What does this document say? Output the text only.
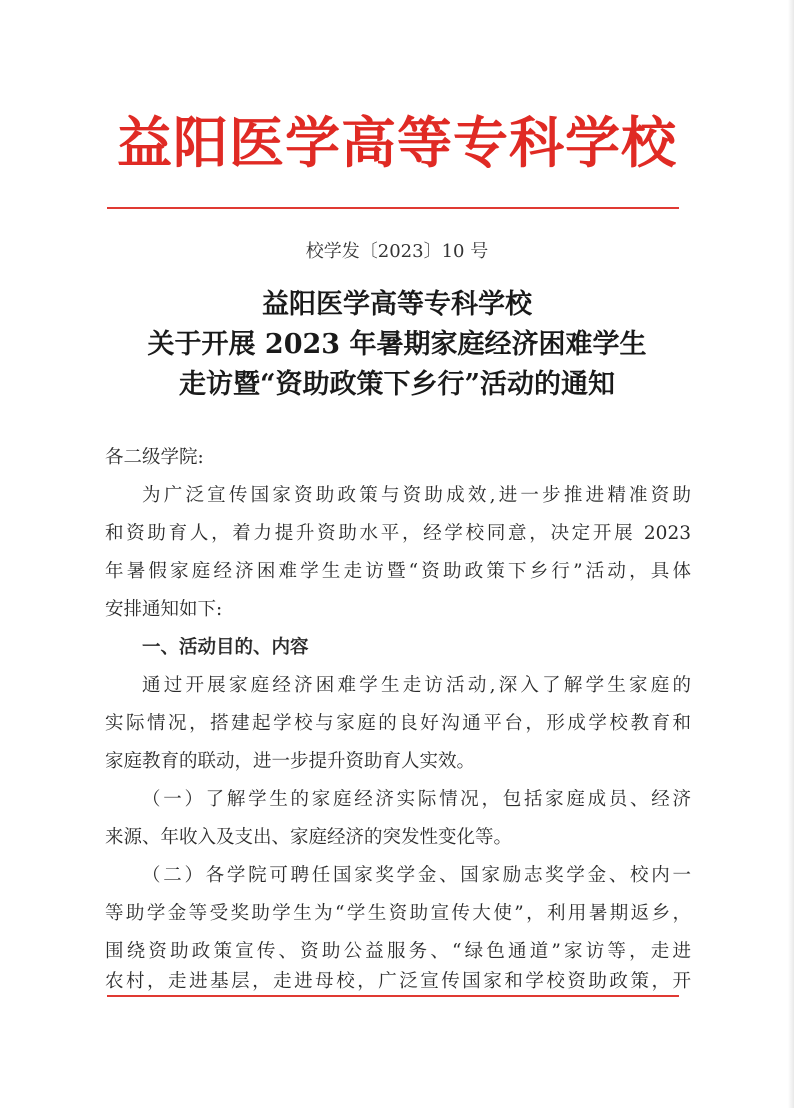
益阳医学高等专科学校
校学发〔2023〕10 号
益阳医学高等专科学校
关于开展 2023 年暑期家庭经济困难学生
走访暨“资助政策下乡行”活动的通知
各二级学院:
为广泛宣传国家资助政策与资助成效,进一步推进精准资助
和资助育人，着力提升资助水平，经学校同意，决定开展 2023
年暑假家庭经济困难学生走访暨“资助政策下乡行”活动，具体
安排通知如下:
一、活动目的、内容
通过开展家庭经济困难学生走访活动,深入了解学生家庭的
实际情况，搭建起学校与家庭的良好沟通平台，形成学校教育和
家庭教育的联动，进一步提升资助育人实效。
（一）了解学生的家庭经济实际情况，包括家庭成员、经济
来源、年收入及支出、家庭经济的突发性变化等。
（二）各学院可聘任国家奖学金、国家励志奖学金、校内一
等助学金等受奖助学生为“学生资助宣传大使”，利用暑期返乡，
围绕资助政策宣传、资助公益服务、“绿色通道”家访等，走进
农村，走进基层，走进母校，广泛宣传国家和学校资助政策，开
